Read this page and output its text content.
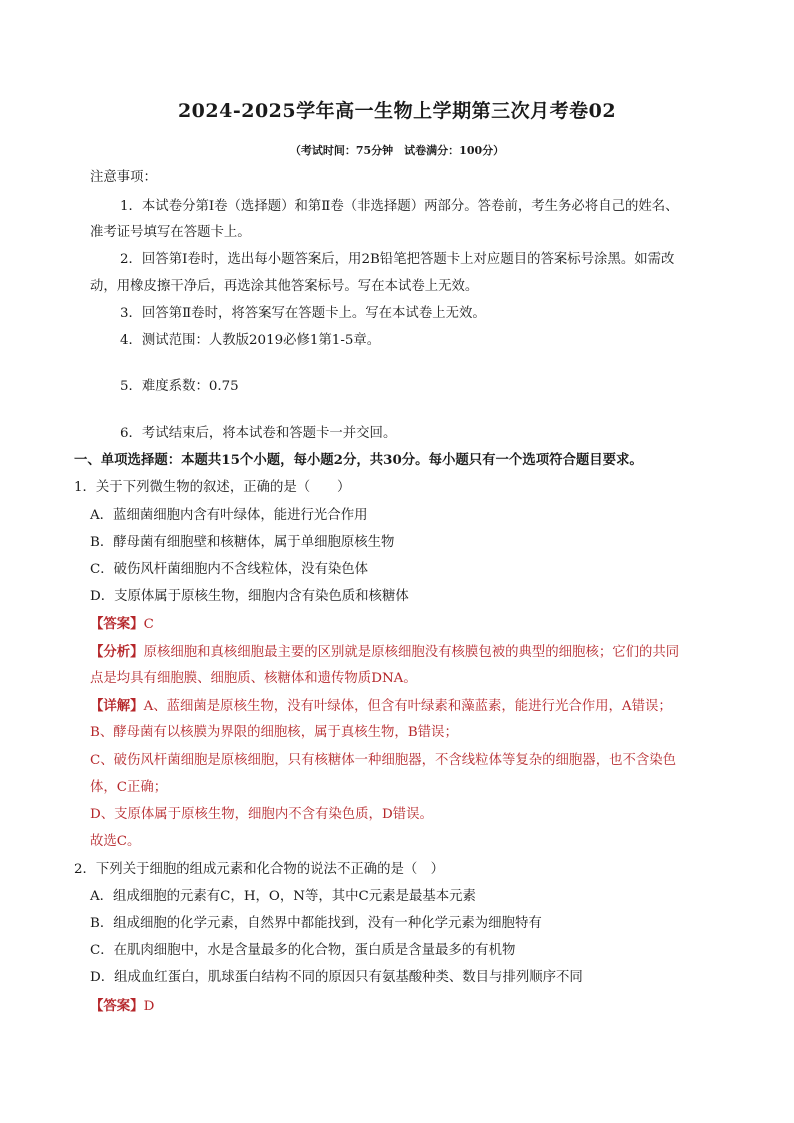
2024-2025学年高一生物上学期第三次月考卷02
（考试时间：75分钟　试卷满分：100分）
注意事项：
1．本试卷分第Ⅰ卷（选择题）和第Ⅱ卷（非选择题）两部分。答卷前，考生务必将自己的姓名、
准考证号填写在答题卡上。
2．回答第Ⅰ卷时，选出每小题答案后，用2B铅笔把答题卡上对应题目的答案标号涂黑。如需改
动，用橡皮擦干净后，再选涂其他答案标号。写在本试卷上无效。
3．回答第Ⅱ卷时，将答案写在答题卡上。写在本试卷上无效。
4．测试范围：人教版2019必修1第1-5章。
5．难度系数：0.75
6．考试结束后，将本试卷和答题卡一并交回。
一、单项选择题：本题共15个小题，每小题2分，共30分。每小题只有一个选项符合题目要求。
1．关于下列微生物的叙述，正确的是（　　）
A．蓝细菌细胞内含有叶绿体，能进行光合作用
B．酵母菌有细胞壁和核糖体，属于单细胞原核生物
C．破伤风杆菌细胞内不含线粒体，没有染色体
D．支原体属于原核生物，细胞内含有染色质和核糖体
【答案】C
【分析】原核细胞和真核细胞最主要的区别就是原核细胞没有核膜包被的典型的细胞核；它们的共同
点是均具有细胞膜、细胞质、核糖体和遗传物质DNA。
【详解】A、蓝细菌是原核生物，没有叶绿体，但含有叶绿素和藻蓝素，能进行光合作用，A错误；
B、酵母菌有以核膜为界限的细胞核，属于真核生物，B错误；
C、破伤风杆菌细胞是原核细胞，只有核糖体一种细胞器，不含线粒体等复杂的细胞器，也不含染色
体，C正确；
D、支原体属于原核生物，细胞内不含有染色质，D错误。
故选C。
2．下列关于细胞的组成元素和化合物的说法不正确的是（　）
A．组成细胞的元素有C，H，O，N等，其中C元素是最基本元素
B．组成细胞的化学元素，自然界中都能找到，没有一种化学元素为细胞特有
C．在肌肉细胞中，水是含量最多的化合物，蛋白质是含量最多的有机物
D．组成血红蛋白，肌球蛋白结构不同的原因只有氨基酸种类、数目与排列顺序不同
【答案】D
